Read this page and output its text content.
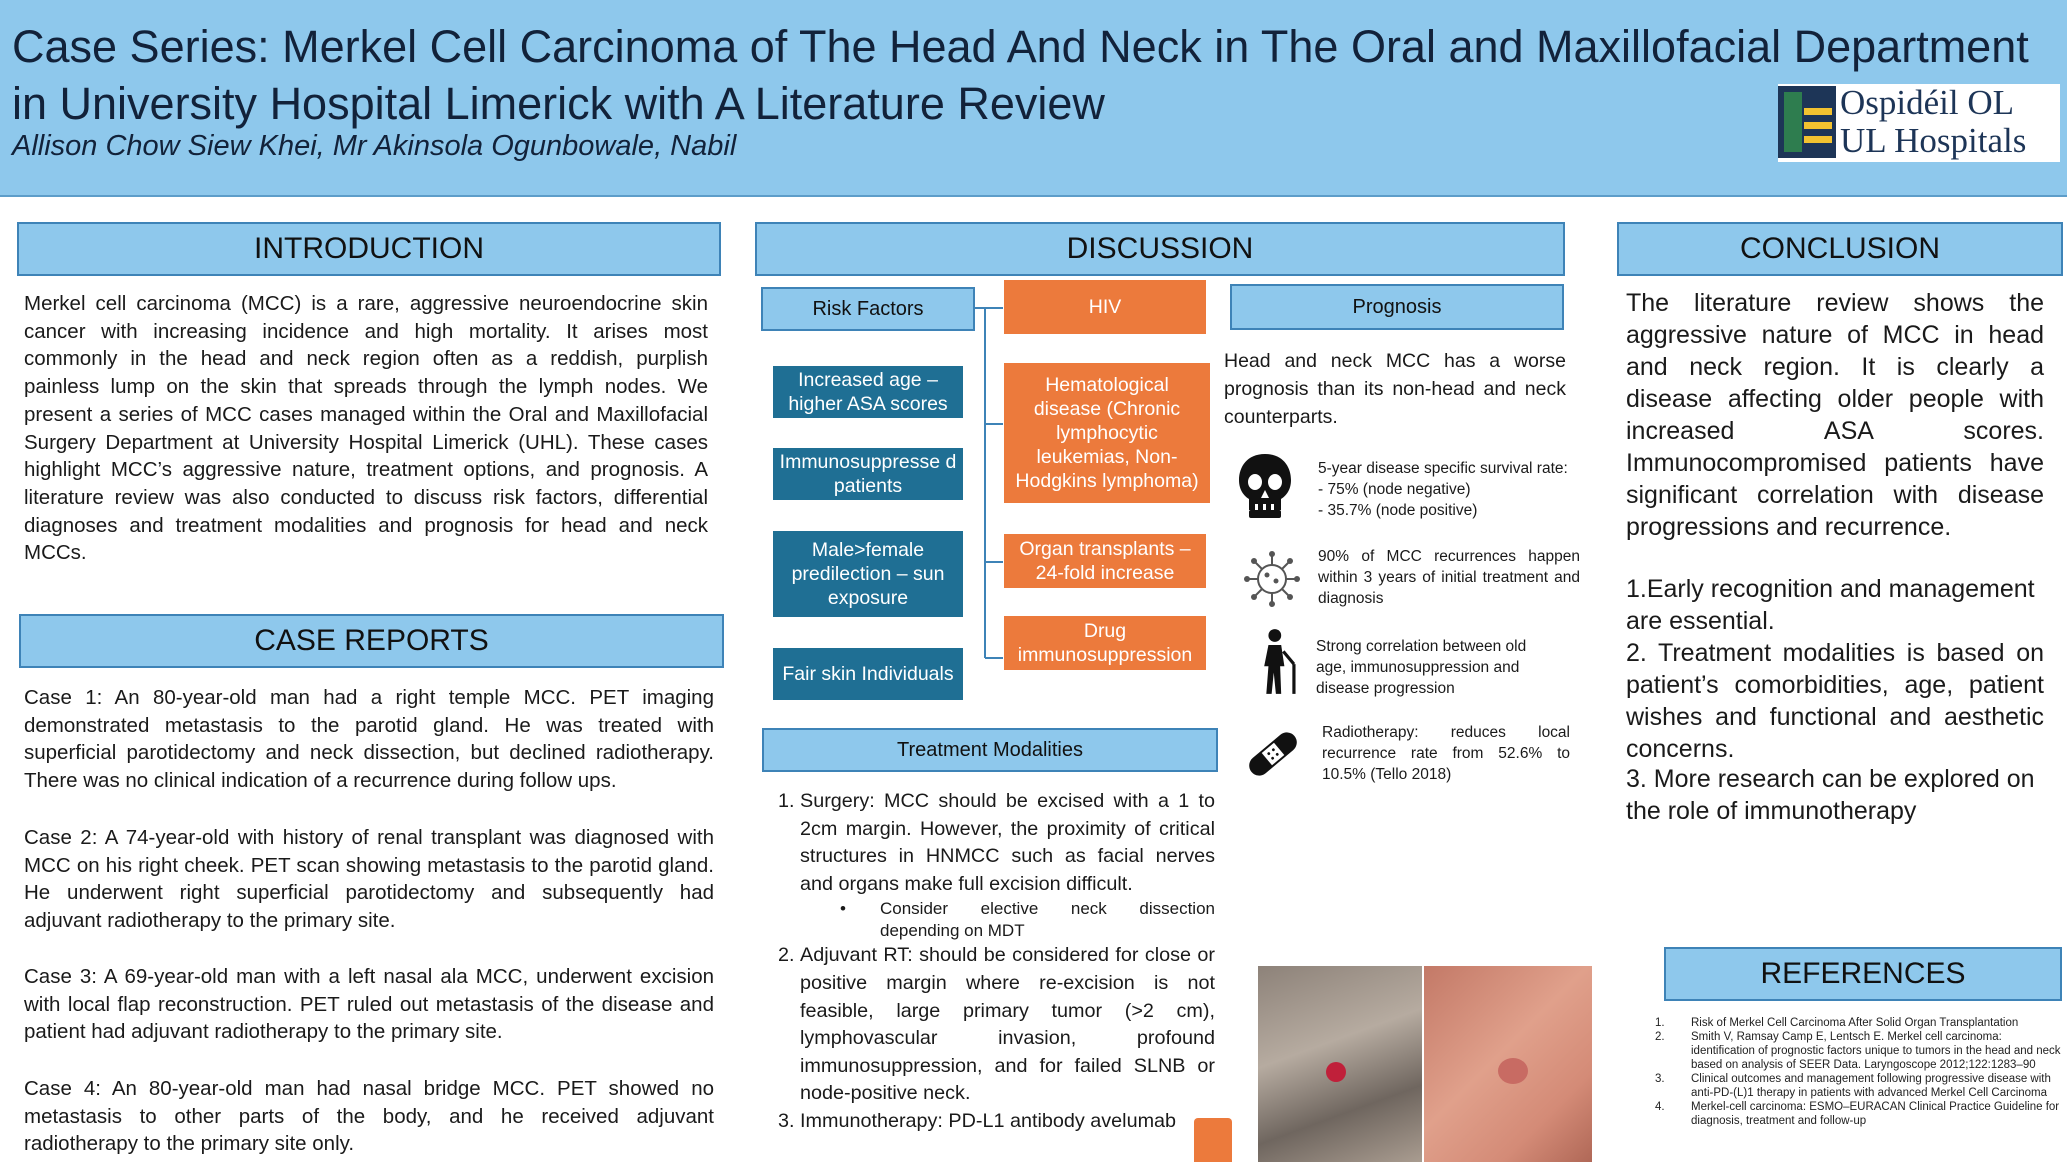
Case Series: Merkel Cell Carcinoma of The Head And Neck in The Oral and Maxillofacial Department in University Hospital Limerick with A Literature Review
Allison Chow Siew Khei, Mr Akinsola Ogunbowale, Nabil
Ospidéil OL
UL Hospitals
INTRODUCTION

Merkel cell carcinoma (MCC) is a rare, aggressive neuroendocrine skin cancer with increasing incidence and high mortality. It arises most commonly in the head and neck region often as a reddish, purplish painless lump on the skin that spreads through the lymph nodes. We present a series of MCC cases managed within the Oral and Maxillofacial Surgery Department at University Hospital Limerick (UHL). These cases highlight MCC’s aggressive nature, treatment options, and prognosis. A literature review was also conducted to discuss risk factors, differential diagnoses and treatment modalities and prognosis for head and neck MCCs.

CASE REPORTS

Case 1: An 80-year-old man had a right temple MCC. PET imaging demonstrated metastasis to the parotid gland. He was treated with superficial parotidectomy and neck dissection, but declined radiotherapy. There was no clinical indication of a recurrence during follow ups.

Case 2: A 74-year-old with history of renal transplant was diagnosed with MCC on his right cheek. PET scan showing metastasis to the parotid gland. He underwent right superficial parotidectomy and subsequently had adjuvant radiotherapy to the primary site.

Case 3: A 69-year-old man with a left nasal ala MCC, underwent excision with local flap reconstruction. PET ruled out metastasis of the disease and patient had adjuvant radiotherapy to the primary site.

Case 4: An 80-year-old man had nasal bridge MCC. PET showed no metastasis to other parts of the body, and he received adjuvant radiotherapy to the primary site only.

DISCUSSION
Risk Factors
Increased age – higher ASA scores
Immunosuppresse d patients
Male>female predilection – sun exposure
Fair skin Individuals
HIV
Hematological disease (Chronic lymphocytic leukemias, Non-Hodgkins lymphoma)
Organ transplants – 24-fold increase
Drug immunosuppression
Prognosis

Head and neck MCC has a worse prognosis than its non-head and neck counterparts.

5-year disease specific survival rate:
- 75% (node negative)
- 35.7% (node positive)
90% of MCC recurrences happen within 3 years of initial treatment and diagnosis
Strong correlation between old age, immunosuppression and disease progression
Radiotherapy: reduces local recurrence rate from 52.6% to 10.5% (Tello 2018)
Treatment Modalities
1. Surgery: MCC should be excised with a 1 to 2cm margin. However, the proximity of critical structures in HNMCC such as facial nerves and organs make full excision difficult.
• Consider elective neck dissection depending on MDT
2. Adjuvant RT: should be considered for close or positive margin where re-excision is not feasible, large primary tumor (>2 cm), lymphovascular invasion, profound immunosuppression, and for failed SLNB or node-positive neck.
3. Immunotherapy: PD-L1 antibody avelumab
CONCLUSION

The literature review shows the aggressive nature of MCC in head and neck region. It is clearly a disease affecting older people with increased ASA scores. Immunocompromised patients have significant correlation with disease progressions and recurrence.

1.Early recognition and management are essential.

2. Treatment modalities is based on patient’s comorbidities, age, patient wishes and functional and aesthetic concerns.

3. More research can be explored on the role of immunotherapy

REFERENCES
1. Risk of Merkel Cell Carcinoma After Solid Organ Transplantation
2. Smith V, Ramsay Camp E, Lentsch E. Merkel cell carcinoma: identification of prognostic factors unique to tumors in the head and neck based on analysis of SEER Data. Laryngoscope 2012;122:1283–90
3. Clinical outcomes and management following progressive disease with anti-PD-(L)1 therapy in patients with advanced Merkel Cell Carcinoma
4. Merkel-cell carcinoma: ESMO–EURACAN Clinical Practice Guideline for diagnosis, treatment and follow-up
